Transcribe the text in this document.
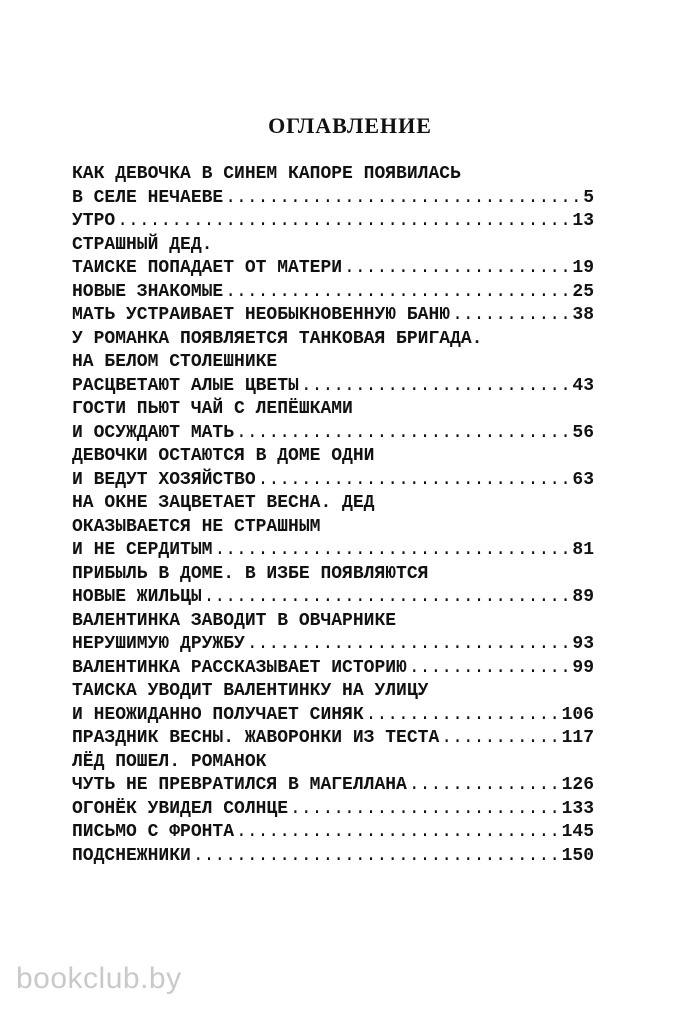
ОГЛАВЛЕНИЕ
КАК ДЕВОЧКА В СИНЕМ КАПОРЕ ПОЯВИЛАСЬ
В СЕЛЕ НЕЧАЕВЕ .....	5
УТРО .....	13
СТРАШНЫЙ ДЕД.
ТАИСКЕ ПОПАДАЕТ ОТ МАТЕРИ .....	19
НОВЫЕ ЗНАКОМЫЕ .....	25
МАТЬ УСТРАИВАЕТ НЕОБЫКНОВЕННУЮ БАНЮ .....	38
У РОМАНКА ПОЯВЛЯЕТСЯ ТАНКОВАЯ БРИГАДА.
НА БЕЛОМ СТОЛЕШНИКЕ
РАСЦВЕТАЮТ АЛЫЕ ЦВЕТЫ .....	43
ГОСТИ ПЬЮТ ЧАЙ С ЛЕПЁШКАМИ
И ОСУЖДАЮТ МАТЬ .....	56
ДЕВОЧКИ ОСТАЮТСЯ В ДОМЕ ОДНИ
И ВЕДУТ ХОЗЯЙСТВО .....	63
НА ОКНЕ ЗАЦВЕТАЕТ ВЕСНА. ДЕД
ОКАЗЫВАЕТСЯ НЕ СТРАШНЫМ
И НЕ СЕРДИТЫМ .....	81
ПРИБЫЛЬ В ДОМЕ. В ИЗБЕ ПОЯВЛЯЮТСЯ
НОВЫЕ ЖИЛЬЦЫ .....	89
ВАЛЕНТИНКА ЗАВОДИТ В ОВЧАРНИКЕ
НЕРУШИМУЮ ДРУЖБУ .....	93
ВАЛЕНТИНКА РАССКАЗЫВАЕТ ИСТОРИЮ .....	99
ТАИСКА УВОДИТ ВАЛЕНТИНКУ НА УЛИЦУ
И НЕОЖИДАННО ПОЛУЧАЕТ СИНЯК .....	106
ПРАЗДНИК ВЕСНЫ. ЖАВОРОНКИ ИЗ ТЕСТА .....	117
ЛЁД ПОШЕЛ. РОМАНОК
ЧУТЬ НЕ ПРЕВРАТИЛСЯ В МАГЕЛЛАНА .....	126
ОГОНЁК УВИДЕЛ СОЛНЦЕ .....	133
ПИСЬМО С ФРОНТА .....	145
ПОДСНЕЖНИКИ .....	150
bookclub.by
